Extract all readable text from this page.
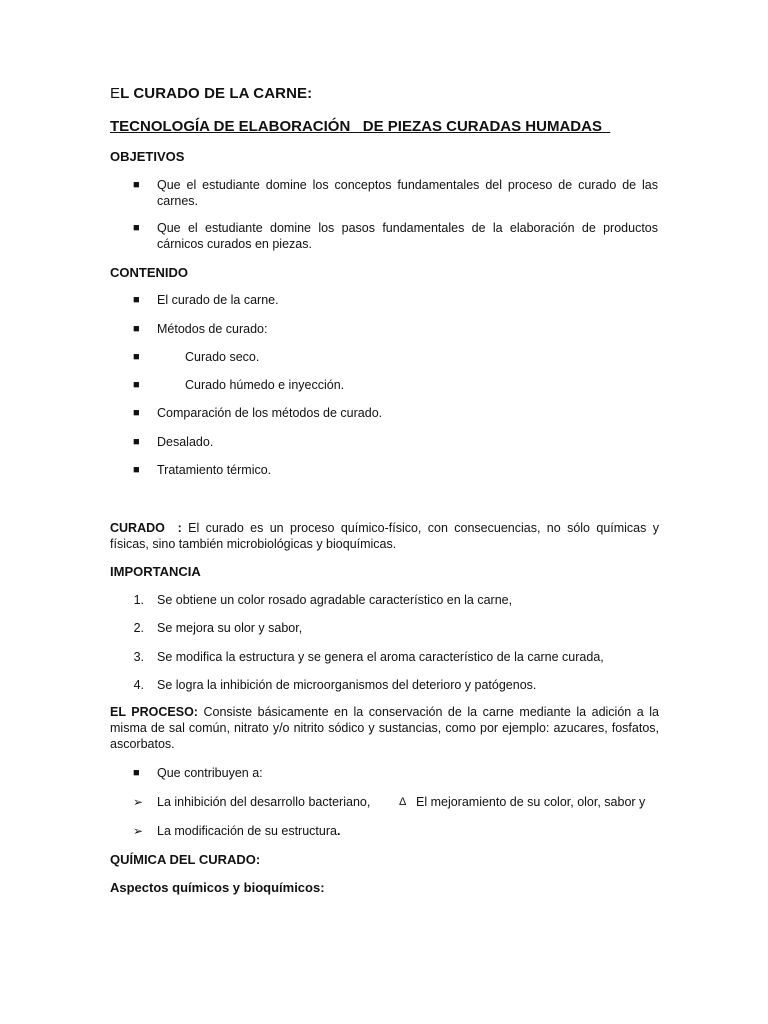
EL CURADO DE LA CARNE:
TECNOLOGÍA DE ELABORACIÓN   DE PIEZAS CURADAS HUMADAS
OBJETIVOS
■ Que el estudiante domine los conceptos fundamentales del proceso de curado de las carnes.
■ Que el estudiante domine los pasos fundamentales de la elaboración de productos cárnicos curados en piezas.
CONTENIDO
■ El curado de la carne.
■ Métodos de curado:
■	Curado seco.
■	Curado húmedo e inyección.
■ Comparación de los métodos de curado.
■ Desalado.
■ Tratamiento térmico.
CURADO  : El curado es un proceso químico-físico, con consecuencias, no sólo químicas y físicas, sino también microbiológicas y bioquímicas.
IMPORTANCIA
1. Se obtiene un color rosado agradable característico en la carne,
2. Se mejora su olor y sabor,
3. Se modifica la estructura y se genera el aroma característico de la carne curada,
4. Se logra la inhibición de microorganismos del deterioro y patógenos.
EL PROCESO: Consiste básicamente en la conservación de la carne mediante la adición a la misma de sal común, nitrato y/o nitrito sódico y sustancias, como por ejemplo: azucares, fosfatos, ascorbatos.
■ Que contribuyen a:
➢ La inhibición del desarrollo bacteriano,	Δ El mejoramiento de su color, olor, sabor y
➢ La modificación de su estructura.
QUÍMICA DEL CURADO:
Aspectos químicos y bioquímicos:
